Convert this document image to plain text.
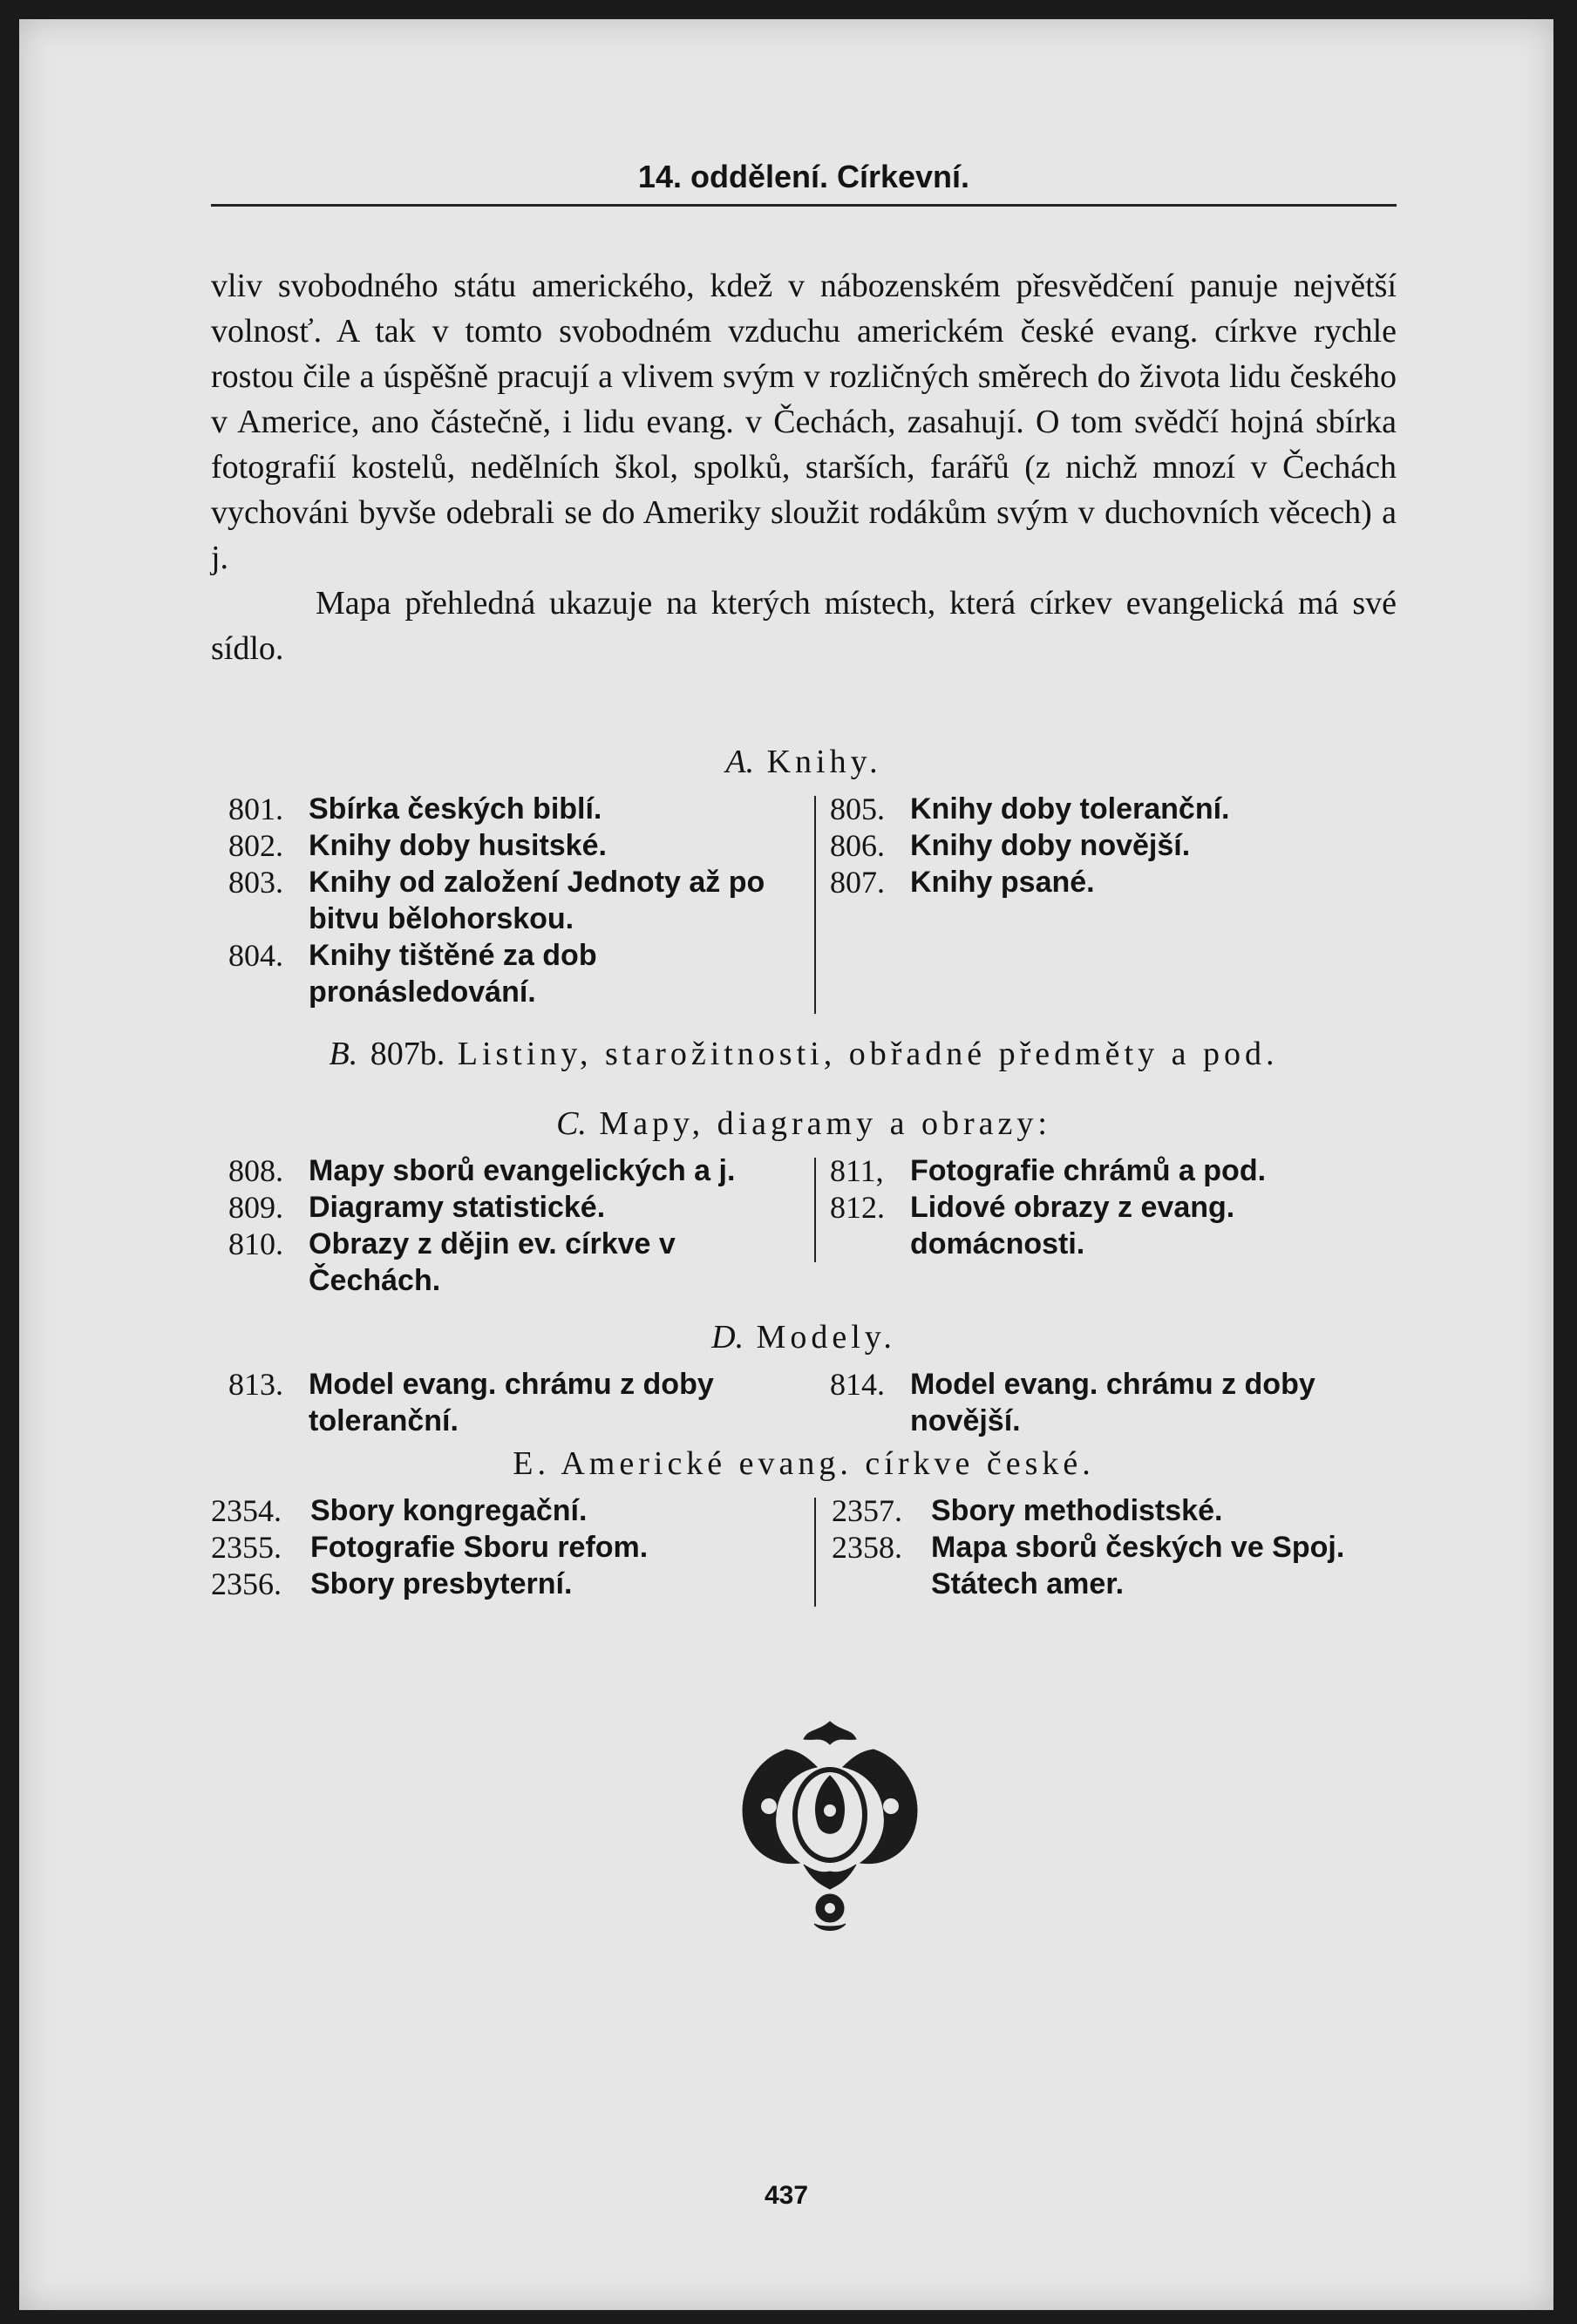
14. oddělení. Církevní.

vliv svobodného státu amerického, kdež v nábozenském přesvědčení panuje největší volnosť. A tak v tomto svobodném vzduchu americkém české evang. církve rychle rostou čile a úspěšně pracují a vlivem svým v rozličných směrech do života lidu českého v Americe, ano částečně, i lidu evang. v Čechách, zasahují. O tom svědčí hojná sbírka fotografií kostelů, nedělních škol, spolků, starších, farářů (z nichž mnozí v Čechách vychováni byvše odebrali se do Ameriky sloužit rodákům svým v duchovních věcech) a j.

Mapa přehledná ukazuje na kterých místech, která církev evangelická má své sídlo.

A. Knihy.
801. Sbírka českých biblí.
802. Knihy doby husitské.
803. Knihy od založení Jednoty až po bitvu bělohorskou.
804. Knihy tištěné za dob pronásledování.
805. Knihy doby toleranční.
806. Knihy doby novější.
807. Knihy psané.
B. 807b. Listiny, starožitnosti, obřadné předměty a pod.
C. Mapy, diagramy a obrazy:
808. Mapy sborů evangelických a j.
809. Diagramy statistické.
810. Obrazy z dějin ev. církve v Čechách.
811, Fotografie chrámů a pod.
812. Lidové obrazy z evang. domácnosti.
D. Modely.
813. Model evang. chrámu z doby toleranční.
814. Model evang. chrámu z doby novější.
E. Americké evang. církve české.
2354. Sbory kongregační.
2355. Fotografie Sboru refom.
2356. Sbory presbyterní.
2357. Sbory methodistské.
2358. Mapa sborů českých ve Spoj. Státech amer.
437
